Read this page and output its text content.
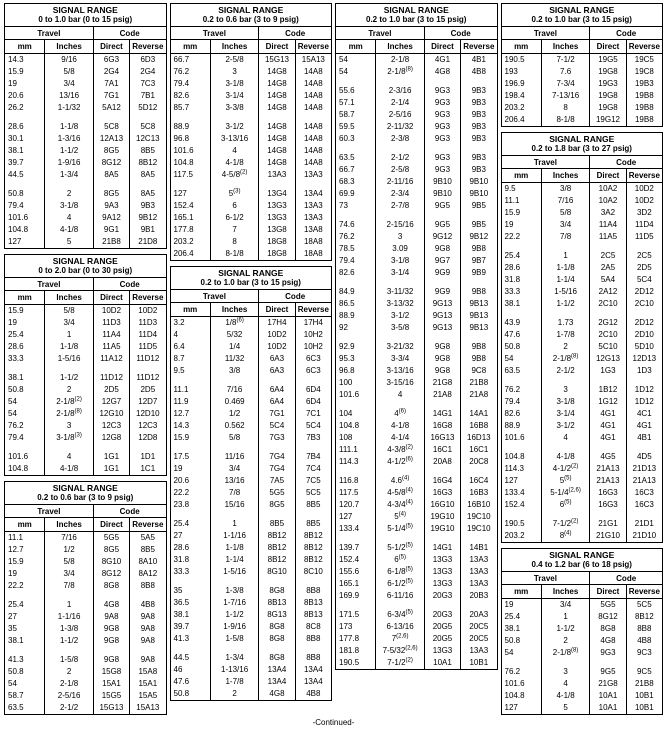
SIGNAL RANGE
0 to 1.0 bar (0 to 15 psig)			

Travel		Code	
mm	Inches	Direct	Reverse
14.3	9/16	6G3	6D3
15.9	5/8	2G4	2G4
19	3/4	7A1	7C3
20.6	13/16	7G1	7B1
26.2	1-1/32	5A12	5D12

28.6	1-1/8	5C8	5C8
30.1	1-3/16	12A13	12C13
38.1	1-1/2	8G5	8B5
39.7	1-9/16	8G12	8B12
44.5	1-3/4	8A5	8A5

50.8	2	8G5	8A5
79.4	3-1/8	9A3	9B3
101.6	4	9A12	9B12
104.8	4-1/8	9G1	9B1
127	5	21B8	21D8
SIGNAL RANGE
0 to 2.0 bar (0 to 30 psig)			

Travel		Code	
mm	Inches	Direct	Reverse
15.9	5/8	10D2	10D2
19	3/4	11D3	11D3
25.4	1	11A4	11D4
28.6	1-1/8	11A5	11D5
33.3	1-5/16	11A12	11D12

38.1	1-1/2	11D12	11D12
50.8	2	2D5	2D5
54	2-1/8$^{(2)}$	12G7	12D7
54	2-1/8$^{(8)}$	12G10	12D10
76.2	3	12C3	12C3
79.4	3-1/8$^{(3)}$	12G8	12D8

101.6	4	1G1	1D1
104.8	4-1/8	1G1	1C1
SIGNAL RANGE
0.2 to 0.6 bar (3 to 9 psig)			

Travel		Code	
mm	Inches	Direct	Reverse
11.1	7/16	5G5	5A5
12.7	1/2	8G5	8B5
15.9	5/8	8G10	8A10
19	3/4	8G12	8A12
22.2	7/8	8G8	8B8

25.4	1	4G8	4B8
27	1-1/16	9A8	9A8
35	1-3/8	9G8	9A8
38.1	1-1/2	9G8	9A8

41.3	1-5/8	9G8	9A8
50.8	2	15G8	15A8
54	2-1/8	15A1	15A1
58.7	2-5/16	15G5	15A5
63.5	2-1/2	15G13	15A13
SIGNAL RANGE
0.2 to 0.6 bar (3 to 9 psig)			

Travel		Code	
mm	Inches	Direct	Reverse
66.7	2-5/8	15G13	15A13
76.2	3	14G8	14A8
79.4	3-1/8	14G8	14A8
82.6	3-1/4	14G8	14A8
85.7	3-3/8	14G8	14A8

88.9	3-1/2	14G8	14A8
96.8	3-13/16	14G8	14A8
101.6	4	14G8	14A8
104.8	4-1/8	14G8	14A8
117.5	4-5/8$^{(2)}$	13A3	13A3

127	5$^{(3)}$	13G4	13A4
152.4	6	13G3	13A3
165.1	6-1/2	13G3	13A3
177.8	7	13G8	13A8
203.2	8	18G8	18A8
206.4	8-1/8	18G8	18A8
SIGNAL RANGE
0.2 to 1.0 bar (3 to 15 psig)			

Travel		Code	
mm	Inches	Direct	Reverse
3.2	1/8$^{(6)}$	17H4	17H4
4	5/32	10D2	10H2
6.4	1/4	10D2	10H2
8.7	11/32	6A3	6C3
9.5	3/8	6A3	6C3

11.1	7/16	6A4	6D4
11.9	0.469	6A4	6D4
12.7	1/2	7G1	7C1
14.3	0.562	5C4	5C4
15.9	5/8	7G3	7B3

17.5	11/16	7G4	7B4
19	3/4	7G4	7C4
20.6	13/16	7A5	7C5
22.2	7/8	5G5	5C5
23.8	15/16	8G5	8B5

25.4	1	8B5	8B5
27	1-1/16	8B12	8B12
28.6	1-1/8	8B12	8B12
31.8	1-1/4	8B12	8B12
33.3	1-5/16	8G10	8C10

35	1-3/8	8G8	8B8
36.5	1-7/16	8B13	8B13
38.1	1-1/2	8G13	8B13
39.7	1-9/16	8G8	8C8
41.3	1-5/8	8G8	8B8

44.5	1-3/4	8G8	8B8
46	1-13/16	13A4	13A4
47.6	1-7/8	13A4	13A4
50.8	2	4G8	4B8
SIGNAL RANGE
0.2 to 1.0 bar (3 to 15 psig)			

Travel		Code	
mm	Inches	Direct	Reverse
54	2-1/8	4G1	4B1
54	2-1/8$^{(8)}$	4G8	4B8

55.6	2-3/16	9G3	9B3
57.1	2-1/4	9G3	9B3
58.7	2-5/16	9G3	9B3
59.5	2-11/32	9G3	9B3
60.3	2-3/8	9G3	9B3

63.5	2-1/2	9G3	9B3
66.7	2-5/8	9G3	9B3
68.3	2-11/16	9B10	9B10
69.9	2-3/4	9B10	9B10
73	2-7/8	9G5	9B5

74.6	2-15/16	9G5	9B5
76.2	3	9G12	9B12
78.5	3.09	9G8	9B8
79.4	3-1/8	9G7	9B7
82.6	3-1/4	9G9	9B9

84.9	3-11/32	9G9	9B8
86.5	3-13/32	9G13	9B13
88.9	3-1/2	9G13	9B13
92	3-5/8	9G13	9B13

92.9	3-21/32	9G8	9B8
95.3	3-3/4	9G8	9B8
96.8	3-13/16	9G8	9C8
100	3-15/16	21G8	21B8
101.6	4	21A8	21A8

104	4$^{(6)}$	14G1	14A1
104.8	4-1/8	16G8	16B8
108	4-1/4	16G13	16D13
111.1	4-3/8$^{(2)}$	16C1	16C1
114.3	4-1/2$^{(6)}$	20A8	20C8

116.8	4.6$^{(4)}$	16G4	16C4
117.5	4-5/8$^{(4)}$	16G3	16B3
120.7	4-3/4$^{(4)}$	16G10	16B10
127	5$^{(4)}$	19G10	19C10
133.4	5-1/4$^{(5)}$	19G10	19C10

139.7	5-1/2$^{(5)}$	14G1	14B1
152.4	6$^{(5)}$	13G3	13A3
155.6	6-1/8$^{(5)}$	13G3	13A3
165.1	6-1/2$^{(5)}$	13G3	13A3
169.9	6-11/16	20G3	20B3

171.5	6-3/4$^{(5)}$	20G3	20A3
173	6-13/16	20G5	20C5
177.8	7$^{(2,6)}$	20G5	20C5
181.8	7-5/32$^{(2,6)}$	13G3	13A3
190.5	7-1/2$^{(2)}$	10A1	10B1
SIGNAL RANGE
0.2 to 1.0 bar (3 to 15 psig)			

Travel		Code	
mm	Inches	Direct	Reverse
190.5	7-1/2	19G5	19C5
193	7.6	19G8	19C8
196.9	7-3/4	19G3	19B3
198.4	7-13/16	19G8	19B8
203.2	8	19G8	19B8
206.4	8-1/8	19G12	19B8
SIGNAL RANGE
0.2 to 1.8 bar (3 to 27 psig)			

Travel		Code	
mm	Inches	Direct	Reverse
9.5	3/8	10A2	10D2
11.1	7/16	10A2	10D2
15.9	5/8	3A2	3D2
19	3/4	11A4	11D4
22.2	7/8	11A5	11D5

25.4	1	2C5	2C5
28.6	1-1/8	2A5	2D5
31.8	1-1/4	5A4	5C4
33.3	1-5/16	2A12	2D12
38.1	1-1/2	2C10	2C10

43.9	1.73	2G12	2D12
47.6	1-7/8	2C10	2D10
50.8	2	5C10	5D10
54	2-1/8$^{(8)}$	12G13	12D13
63.5	2-1/2	1G3	1D3

76.2	3	1B12	1D12
79.4	3-1/8	1G12	1D12
82.6	3-1/4	4G1	4C1
88.9	3-1/2	4G1	4G1
101.6	4	4G1	4B1

104.8	4-1/8	4G5	4D5
114.3	4-1/2$^{(2)}$	21A13	21D13
127	5$^{(5)}$	21A13	21A13
133.4	5-1/4$^{(2,6)}$	16G3	16C3
152.4	6$^{(5)}$	16G3	16C3

190.5	7-1/2$^{(2)}$	21G1	21D1
203.2	8$^{(4)}$	21G10	21D10
SIGNAL RANGE
0.4 to 1.2 bar (6 to 18 psig)			

Travel		Code	
mm	Inches	Direct	Reverse
19	3/4	5G5	5C5
25.4	1	8G12	8B12
38.1	1-1/2	8G8	8B8
50.8	2	4G8	4B8
54	2-1/8$^{(8)}$	9G3	9C3

76.2	3	9G5	9C5
101.6	4	21G8	21B8
104.8	4-1/8	10A1	10B1
127	5	10A1	10B1
-Continued-
